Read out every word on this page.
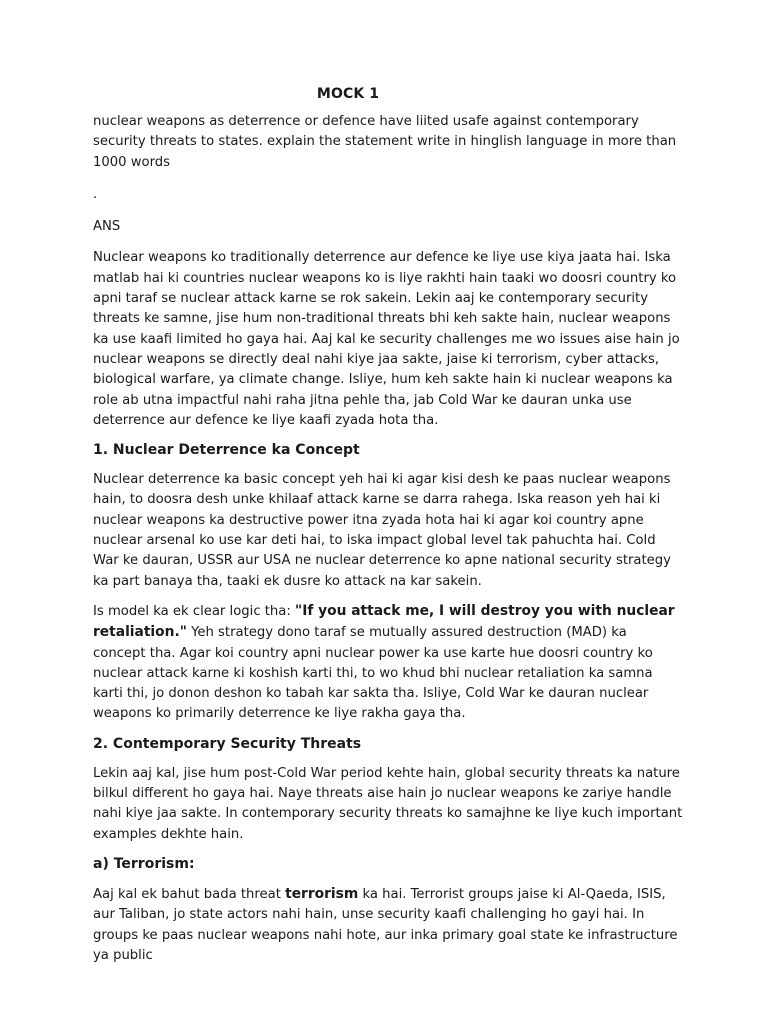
MOCK 1

nuclear weapons as deterrence or defence have liited usafe against contemporary security threats to states. explain the statement write in hinglish language in more than 1000 words

.

ANS

Nuclear weapons ko traditionally deterrence aur defence ke liye use kiya jaata hai. Iska matlab hai ki countries nuclear weapons ko is liye rakhti hain taaki wo doosri country ko apni taraf se nuclear attack karne se rok sakein. Lekin aaj ke contemporary security threats ke samne, jise hum non-traditional threats bhi keh sakte hain, nuclear weapons ka use kaafi limited ho gaya hai. Aaj kal ke security challenges me wo issues aise hain jo nuclear weapons se directly deal nahi kiye jaa sakte, jaise ki terrorism, cyber attacks, biological warfare, ya climate change. Isliye, hum keh sakte hain ki nuclear weapons ka role ab utna impactful nahi raha jitna pehle tha, jab Cold War ke dauran unka use deterrence aur defence ke liye kaafi zyada hota tha.

1. Nuclear Deterrence ka Concept

Nuclear deterrence ka basic concept yeh hai ki agar kisi desh ke paas nuclear weapons hain, to doosra desh unke khilaaf attack karne se darra rahega. Iska reason yeh hai ki nuclear weapons ka destructive power itna zyada hota hai ki agar koi country apne nuclear arsenal ko use kar deti hai, to iska impact global level tak pahuchta hai. Cold War ke dauran, USSR aur USA ne nuclear deterrence ko apne national security strategy ka part banaya tha, taaki ek dusre ko attack na kar sakein.

Is model ka ek clear logic tha: "If you attack me, I will destroy you with nuclear retaliation." Yeh strategy dono taraf se mutually assured destruction (MAD) ka concept tha. Agar koi country apni nuclear power ka use karte hue doosri country ko nuclear attack karne ki koshish karti thi, to wo khud bhi nuclear retaliation ka samna karti thi, jo donon deshon ko tabah kar sakta tha. Isliye, Cold War ke dauran nuclear weapons ko primarily deterrence ke liye rakha gaya tha.

2. Contemporary Security Threats

Lekin aaj kal, jise hum post-Cold War period kehte hain, global security threats ka nature bilkul different ho gaya hai. Naye threats aise hain jo nuclear weapons ke zariye handle nahi kiye jaa sakte. In contemporary security threats ko samajhne ke liye kuch important examples dekhte hain.

a) Terrorism:

Aaj kal ek bahut bada threat terrorism ka hai. Terrorist groups jaise ki Al-Qaeda, ISIS, aur Taliban, jo state actors nahi hain, unse security kaafi challenging ho gayi hai. In groups ke paas nuclear weapons nahi hote, aur inka primary goal state ke infrastructure ya public
